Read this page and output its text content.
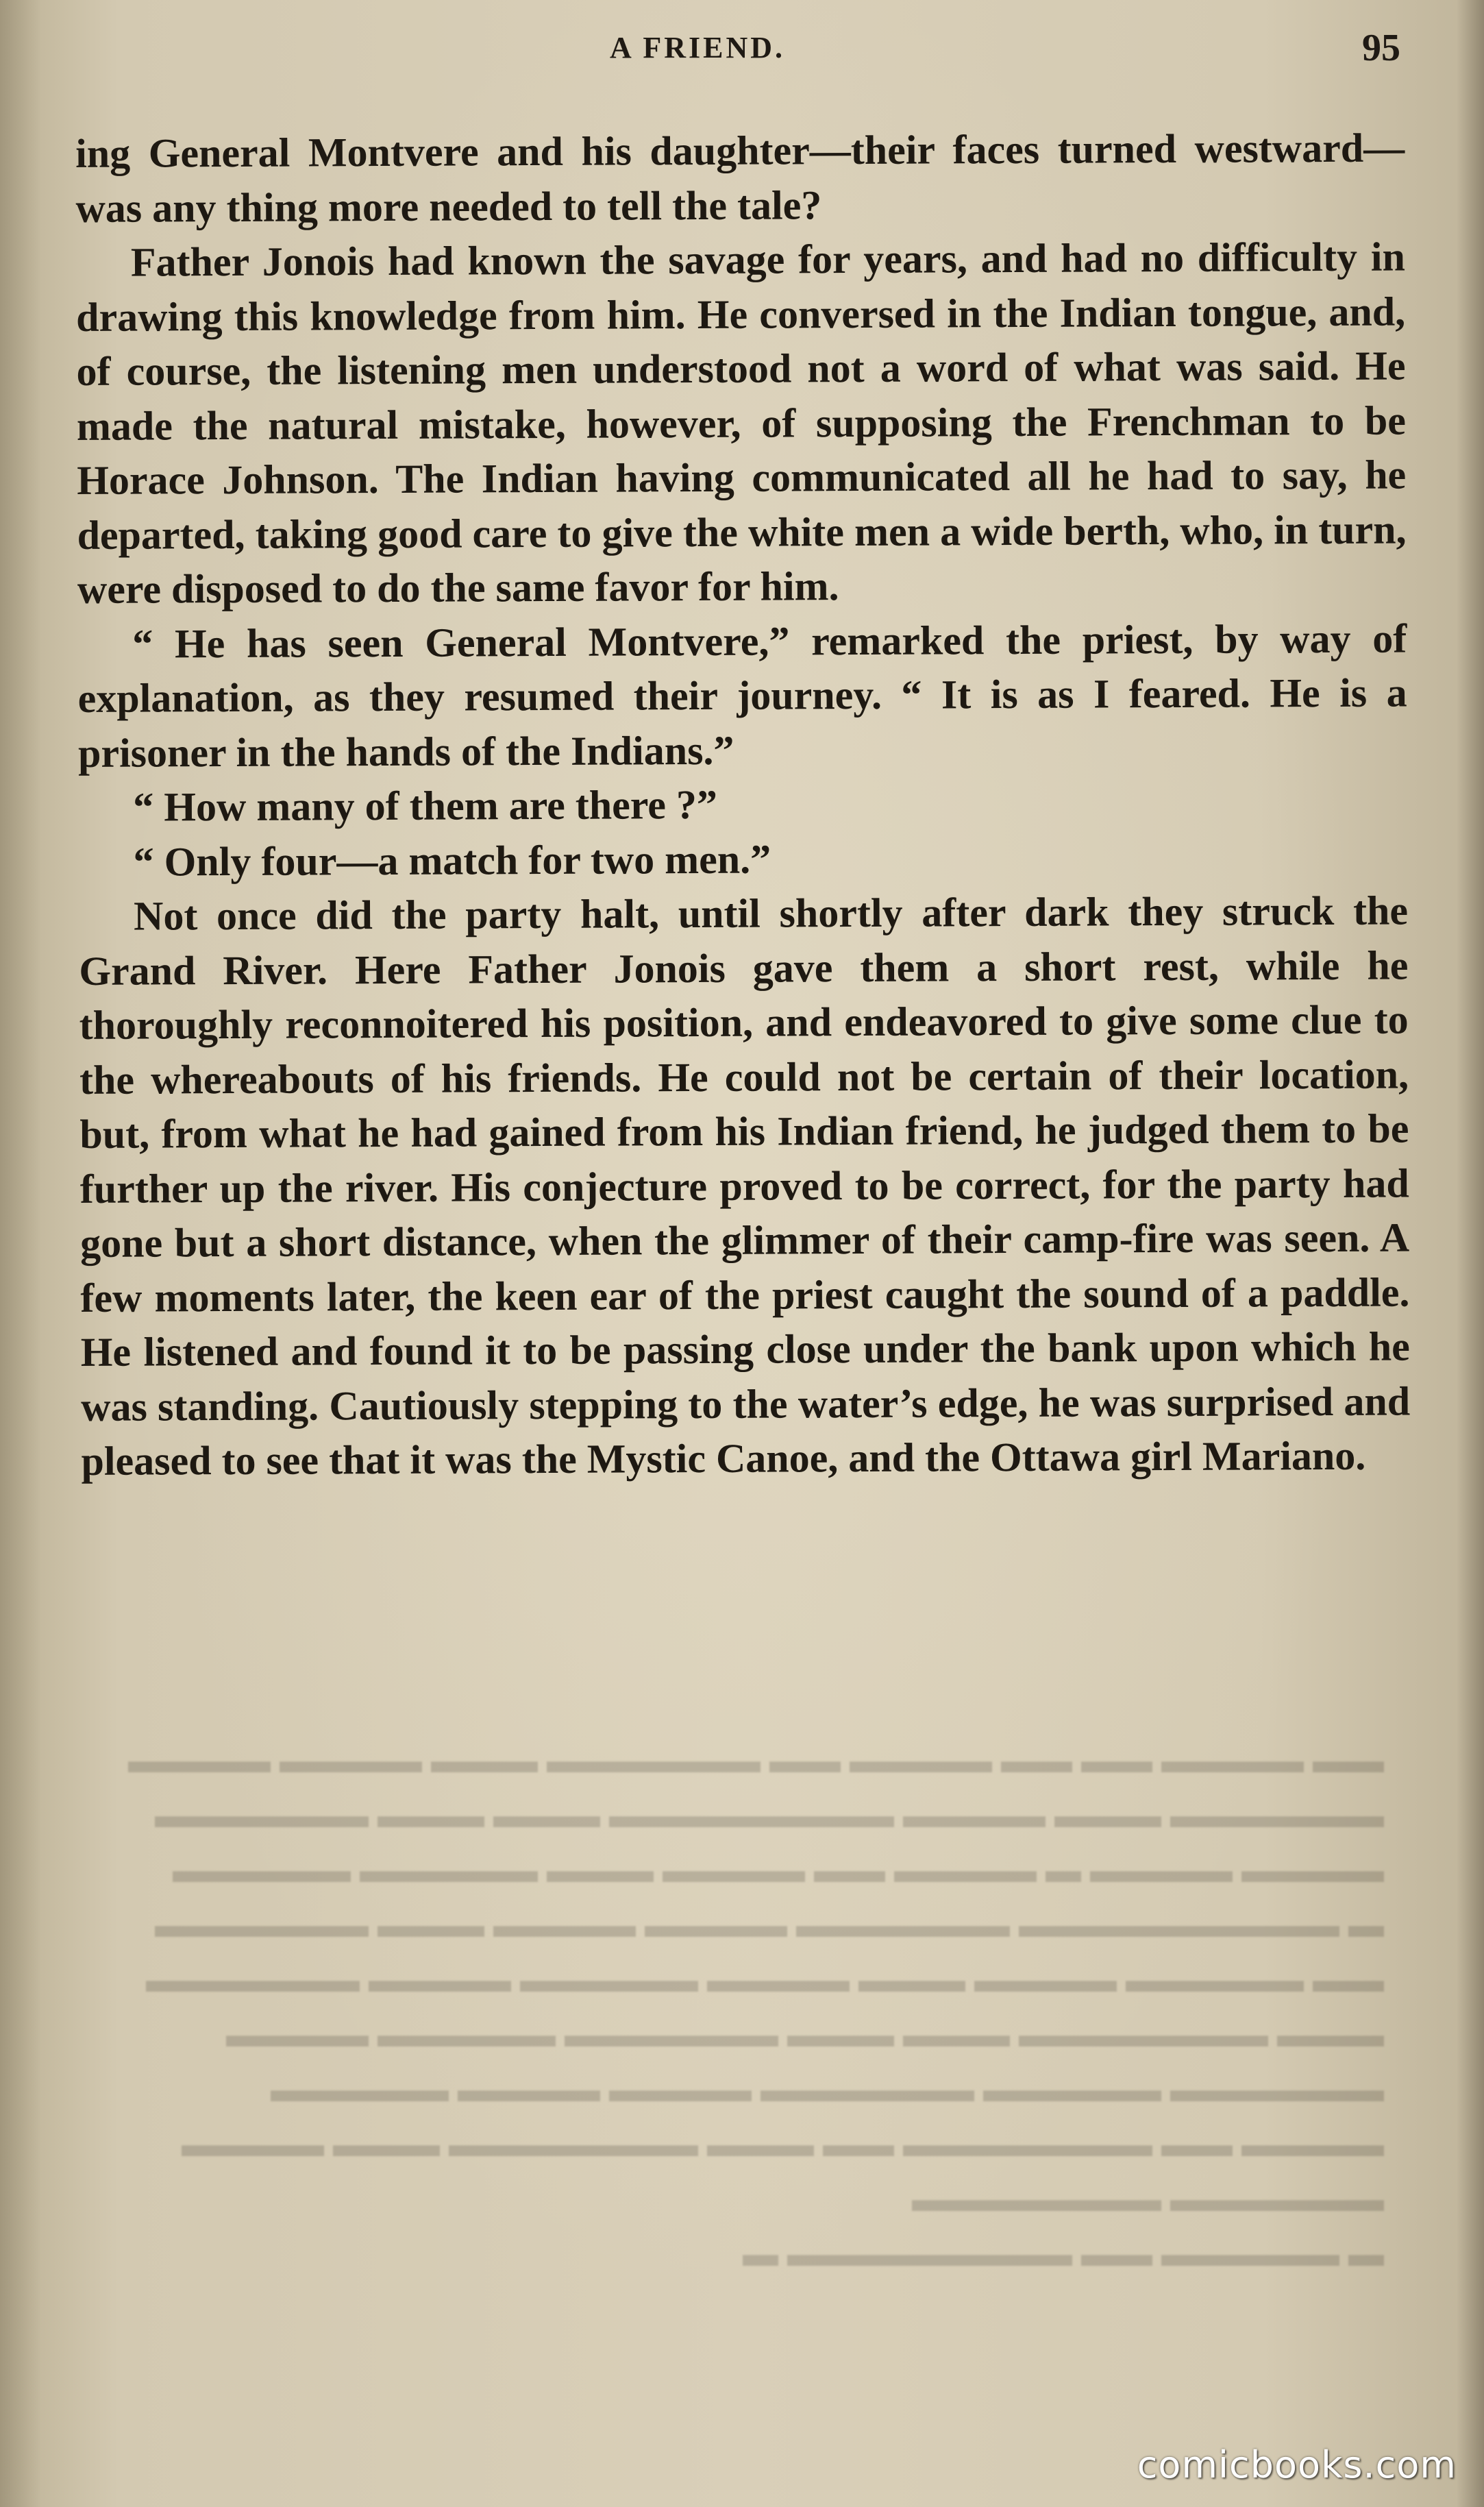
▬▬ ▬▬▬▬ ▬▬ ▬▬ ▬▬▬▬ ▬▬ ▬▬▬▬▬▬ ▬▬▬ ▬▬▬▬ ▬▬▬▬
▬▬▬▬▬▬ ▬▬▬ ▬▬▬▬ ▬▬▬▬▬▬▬▬ ▬▬▬ ▬▬▬ ▬▬▬▬▬▬
▬▬▬▬ ▬▬▬▬ ▬ ▬▬▬▬ ▬▬ ▬▬▬▬ ▬▬▬ ▬▬▬▬▬ ▬▬▬▬▬
▬ ▬▬▬▬▬▬▬▬▬ ▬▬▬▬▬▬ ▬▬▬▬ ▬▬▬▬ ▬▬▬ ▬▬▬▬▬▬
▬▬ ▬▬▬▬▬ ▬▬▬▬ ▬▬▬ ▬▬▬▬ ▬▬▬▬▬ ▬▬▬▬ ▬▬▬▬▬▬
▬▬▬ ▬▬▬▬▬▬▬ ▬▬▬ ▬▬▬ ▬▬▬▬▬▬ ▬▬▬▬▬ ▬▬▬▬
▬▬▬▬▬▬ ▬▬▬▬▬ ▬▬▬▬▬▬ ▬▬▬▬ ▬▬▬▬ ▬▬▬▬▬
▬▬▬▬ ▬▬ ▬▬▬▬▬▬▬ ▬▬ ▬▬▬ ▬▬▬▬▬▬▬ ▬▬▬ ▬▬▬▬
▬▬▬▬▬▬ ▬▬▬▬▬▬▬
▬ ▬▬▬▬▬ ▬▬ ▬▬▬▬▬▬▬▬ ▬
A FRIEND.	95

ing General Montvere and his daughter—their faces turned westward—was any thing more needed to tell the tale?

Father Jonois had known the savage for years, and had no difficulty in drawing this knowledge from him. He conversed in the Indian tongue, and, of course, the listening men understood not a word of what was said. He made the natural mistake, however, of supposing the Frenchman to be Horace Johnson. The Indian having communicated all he had to say, he departed, taking good care to give the white men a wide berth, who, in turn, were disposed to do the same favor for him.

“ He has seen General Montvere,” remarked the priest, by way of explanation, as they resumed their journey. “ It is as I feared. He is a prisoner in the hands of the Indians.”

“ How many of them are there ?”

“ Only four—a match for two men.”

Not once did the party halt, until shortly after dark they struck the Grand River. Here Father Jonois gave them a short rest, while he thoroughly reconnoitered his position, and endeavored to give some clue to the whereabouts of his friends. He could not be certain of their location, but, from what he had gained from his Indian friend, he judged them to be further up the river. His conjecture proved to be correct, for the party had gone but a short distance, when the glimmer of their camp-fire was seen. A few moments later, the keen ear of the priest caught the sound of a paddle. He listened and found it to be passing close under the bank upon which he was standing. Cautiously stepping to the water’s edge, he was surprised and pleased to see that it was the Mystic Canoe, and the Ottawa girl Mariano.

comicbooks.com
